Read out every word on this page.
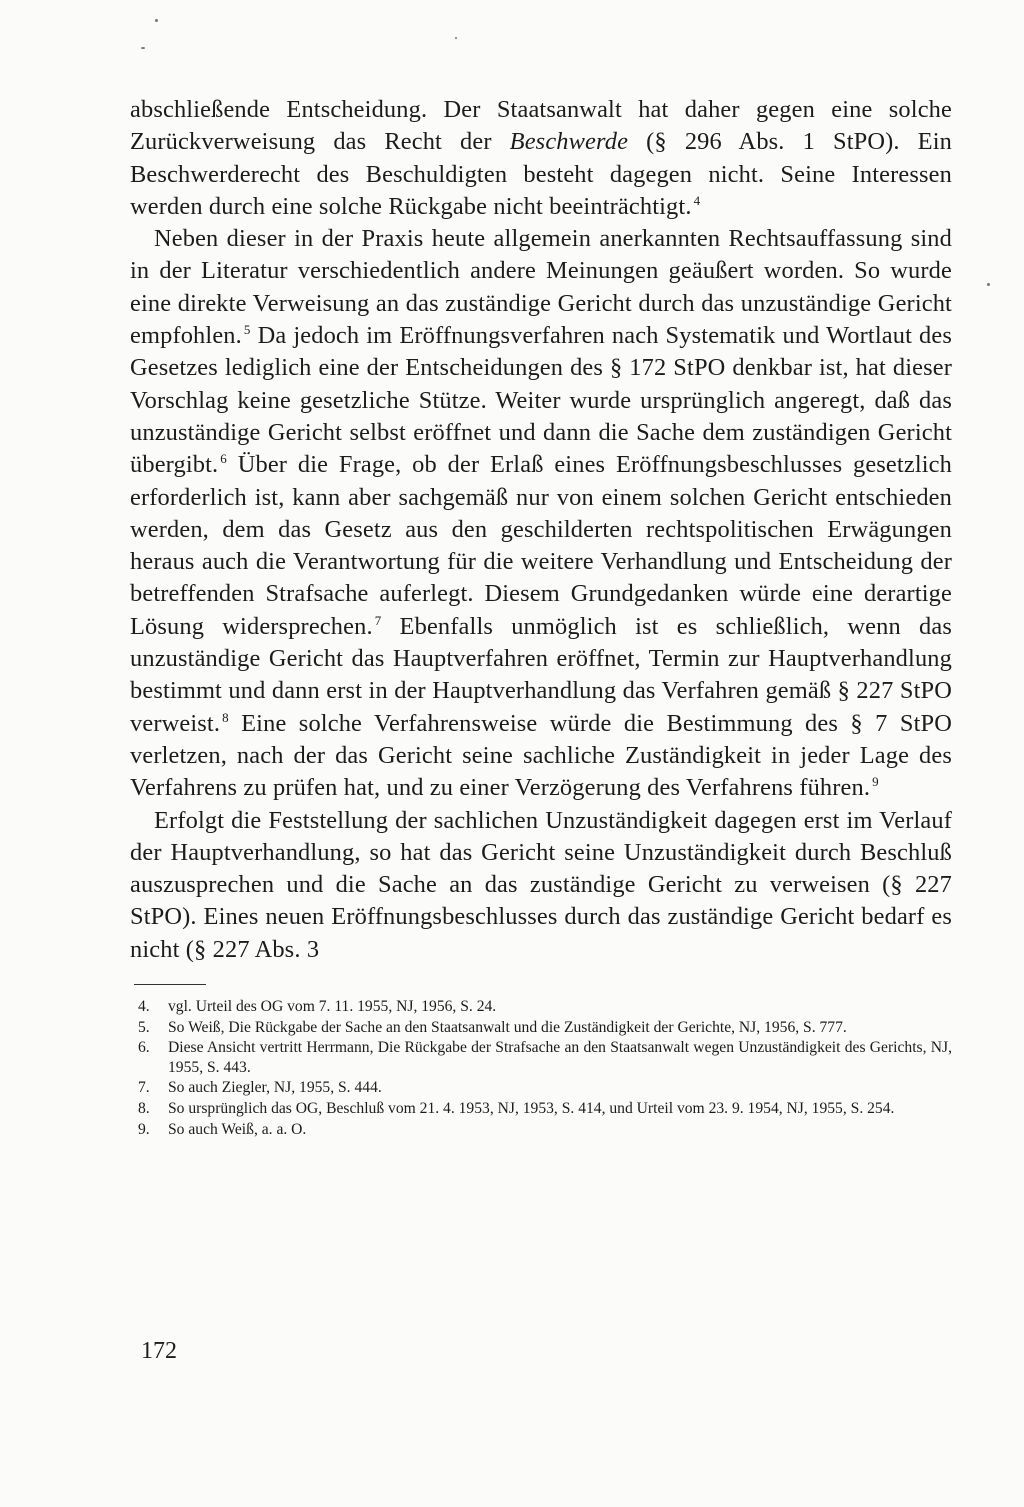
abschließende Entscheidung. Der Staatsanwalt hat daher gegen eine solche Zurückverweisung das Recht der Beschwerde (§ 296 Abs. 1 StPO). Ein Beschwerderecht des Beschuldigten besteht dagegen nicht. Seine Interessen werden durch eine solche Rückgabe nicht beeinträchtigt. $^4$

Neben dieser in der Praxis heute allgemein anerkannten Rechtsauffassung sind in der Literatur verschiedentlich andere Meinungen geäußert worden. So wurde eine direkte Verweisung an das zuständige Gericht durch das unzuständige Gericht empfohlen. $^5$ Da jedoch im Eröffnungsverfahren nach Systematik und Wortlaut des Gesetzes lediglich eine der Entscheidungen des § 172 StPO denkbar ist, hat dieser Vorschlag keine gesetzliche Stütze. Weiter wurde ursprünglich angeregt, daß das unzuständige Gericht selbst eröffnet und dann die Sache dem zuständigen Gericht übergibt. $^6$ Über die Frage, ob der Erlaß eines Eröffnungsbeschlusses gesetzlich erforderlich ist, kann aber sachgemäß nur von einem solchen Gericht entschieden werden, dem das Gesetz aus den geschilderten rechtspolitischen Erwägungen heraus auch die Verantwortung für die weitere Verhandlung und Entscheidung der betreffenden Strafsache auferlegt. Diesem Grundgedanken würde eine derartige Lösung widersprechen. $^7$ Ebenfalls unmöglich ist es schließlich, wenn das unzuständige Gericht das Hauptverfahren eröffnet, Termin zur Hauptverhandlung bestimmt und dann erst in der Hauptverhandlung das Verfahren gemäß § 227 StPO verweist. $^8$ Eine solche Verfahrensweise würde die Bestimmung des § 7 StPO verletzen, nach der das Gericht seine sachliche Zuständigkeit in jeder Lage des Verfahrens zu prüfen hat, und zu einer Verzögerung des Verfahrens führen. $^9$

Erfolgt die Feststellung der sachlichen Unzuständigkeit dagegen erst im Verlauf der Hauptverhandlung, so hat das Gericht seine Unzuständigkeit durch Beschluß auszusprechen und die Sache an das zuständige Gericht zu verweisen (§ 227 StPO). Eines neuen Eröffnungsbeschlusses durch das zuständige Gericht bedarf es nicht (§ 227 Abs. 3

4.	vgl. Urteil des OG vom 7. 11. 1955, NJ, 1956, S. 24.
5.	So Weiß, Die Rückgabe der Sache an den Staatsanwalt und die Zuständigkeit der Gerichte, NJ, 1956, S. 777.
6.	Diese Ansicht vertritt Herrmann, Die Rückgabe der Strafsache an den Staatsanwalt wegen Unzuständigkeit des Gerichts, NJ, 1955, S. 443.
7.	So auch Ziegler, NJ, 1955, S. 444.
8.	So ursprünglich das OG, Beschluß vom 21. 4. 1953, NJ, 1953, S. 414, und Urteil vom 23. 9. 1954, NJ, 1955, S. 254.
9.	So auch Weiß, a. a. O.
172
